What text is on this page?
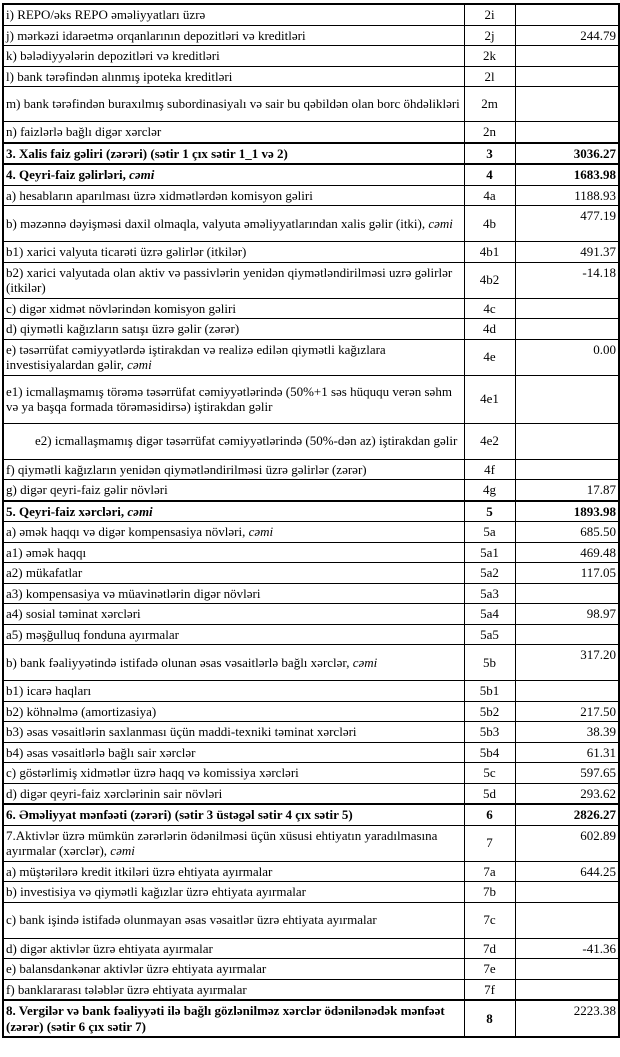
i) REPO/əks REPO əməliyyatları üzrə	2i	
j) mərkəzi idarəetmə orqanlarının depozitləri və kreditləri	2j	244.79
k) bələdiyyələrin depozitləri və kreditləri	2k	
l) bank tərəfindən alınmış ipoteka kreditləri	2l	
m) bank tərəfindən buraxılmış subordinasiyalı və sair bu qəbildən olan borc öhdəlikləri	2m	
n) faizlərlə bağlı digər xərclər	2n	
3. Xalis faiz gəliri (zərəri) (sətir 1 çıx sətir 1_1 və 2)	3	3036.27
4. Qeyri-faiz gəlirləri, cəmi	4	1683.98
a) hesabların aparılması üzrə xidmətlərdən komisyon gəliri	4a	1188.93
b) məzənnə dəyişməsi daxil olmaqla, valyuta əməliyyatlarından xalis gəlir (itki), cəmi	4b	477.19
b1) xarici valyuta ticarəti üzrə gəlirlər (itkilər)	4b1	491.37
b2) xarici valyutada olan aktiv və passivlərin yenidən qiymətləndirilməsi uzrə gəlirlər (itkilər)	4b2	-14.18
c) digər xidmət növlərindən komisyon gəliri	4c	
d) qiymətli kağızların satışı üzrə gəlir (zərər)	4d	
e) təsərrüfat cəmiyyətlərdə iştirakdan və realizə edilən qiymətli kağızlara investisiyalardan gəlir, cəmi	4e	0.00
e1) icmallaşmamış törəmə təsərrüfat cəmiyyətlərində (50%+1 səs hüququ verən səhm və ya başqa formada törəməsidirsə) iştirakdan gəlir	4e1	
e2) icmallaşmamış digər təsərrüfat cəmiyyətlərində (50%-dən az) iştirakdan gəlir	4e2	
f) qiymətli kağızların yenidən qiymətləndirilməsi üzrə gəlirlər (zərər)	4f	
g) digər qeyri-faiz gəlir növləri	4g	17.87
5. Qeyri-faiz xərcləri, cəmi	5	1893.98
a) əmək haqqı və digər kompensasiya növləri, cəmi	5a	685.50
a1) əmək haqqı	5a1	469.48
a2) mükafatlar	5a2	117.05
a3) kompensasiya və müavinətlərin digər növləri	5a3	
a4) sosial təminat xərcləri	5a4	98.97
a5) məşğulluq fonduna ayırmalar	5a5	
b) bank fəaliyyətində istifadə olunan əsas vəsaitlərlə bağlı xərclər, cəmi	5b	317.20
b1) icarə haqları	5b1	
b2) köhnəlmə (amortizasiya)	5b2	217.50
b3) əsas vəsaitlərin saxlanması üçün maddi-texniki təminat xərcləri	5b3	38.39
b4) əsas vəsaitlərlə bağlı sair xərclər	5b4	61.31
c) göstərlimiş xidmətlər üzrə haqq və komissiya xərcləri	5c	597.65
d) digər qeyri-faiz xərclərinin sair növləri	5d	293.62
6. Əməliyyat mənfəəti (zərəri) (sətir 3 üstəgəl sətir 4 çıx sətir 5)	6	2826.27
7.Aktivlər üzrə mümkün zərərlərin ödənilməsi üçün xüsusi ehtiyatın yaradılmasına ayırmalar (xərclər), cəmi	7	602.89
a) müştərilərə kredit itkiləri üzrə ehtiyata ayırmalar	7a	644.25
b) investisiya və qiymətli kağızlar üzrə ehtiyata ayırmalar	7b	
c) bank işində istifadə olunmayan əsas vəsaitlər üzrə ehtiyata ayırmalar	7c	
d) digər aktivlər üzrə ehtiyata ayırmalar	7d	-41.36
e) balansdankənar aktivlər üzrə ehtiyata ayırmalar	7e	
f) banklararası tələblər üzrə ehtiyata ayırmalar	7f	
8. Vergilər və bank fəaliyyəti ilə bağlı gözlənilməz xərclər ödənilənədək mənfəət (zərər) (sətir 6 çıx sətir 7)	8	2223.38
